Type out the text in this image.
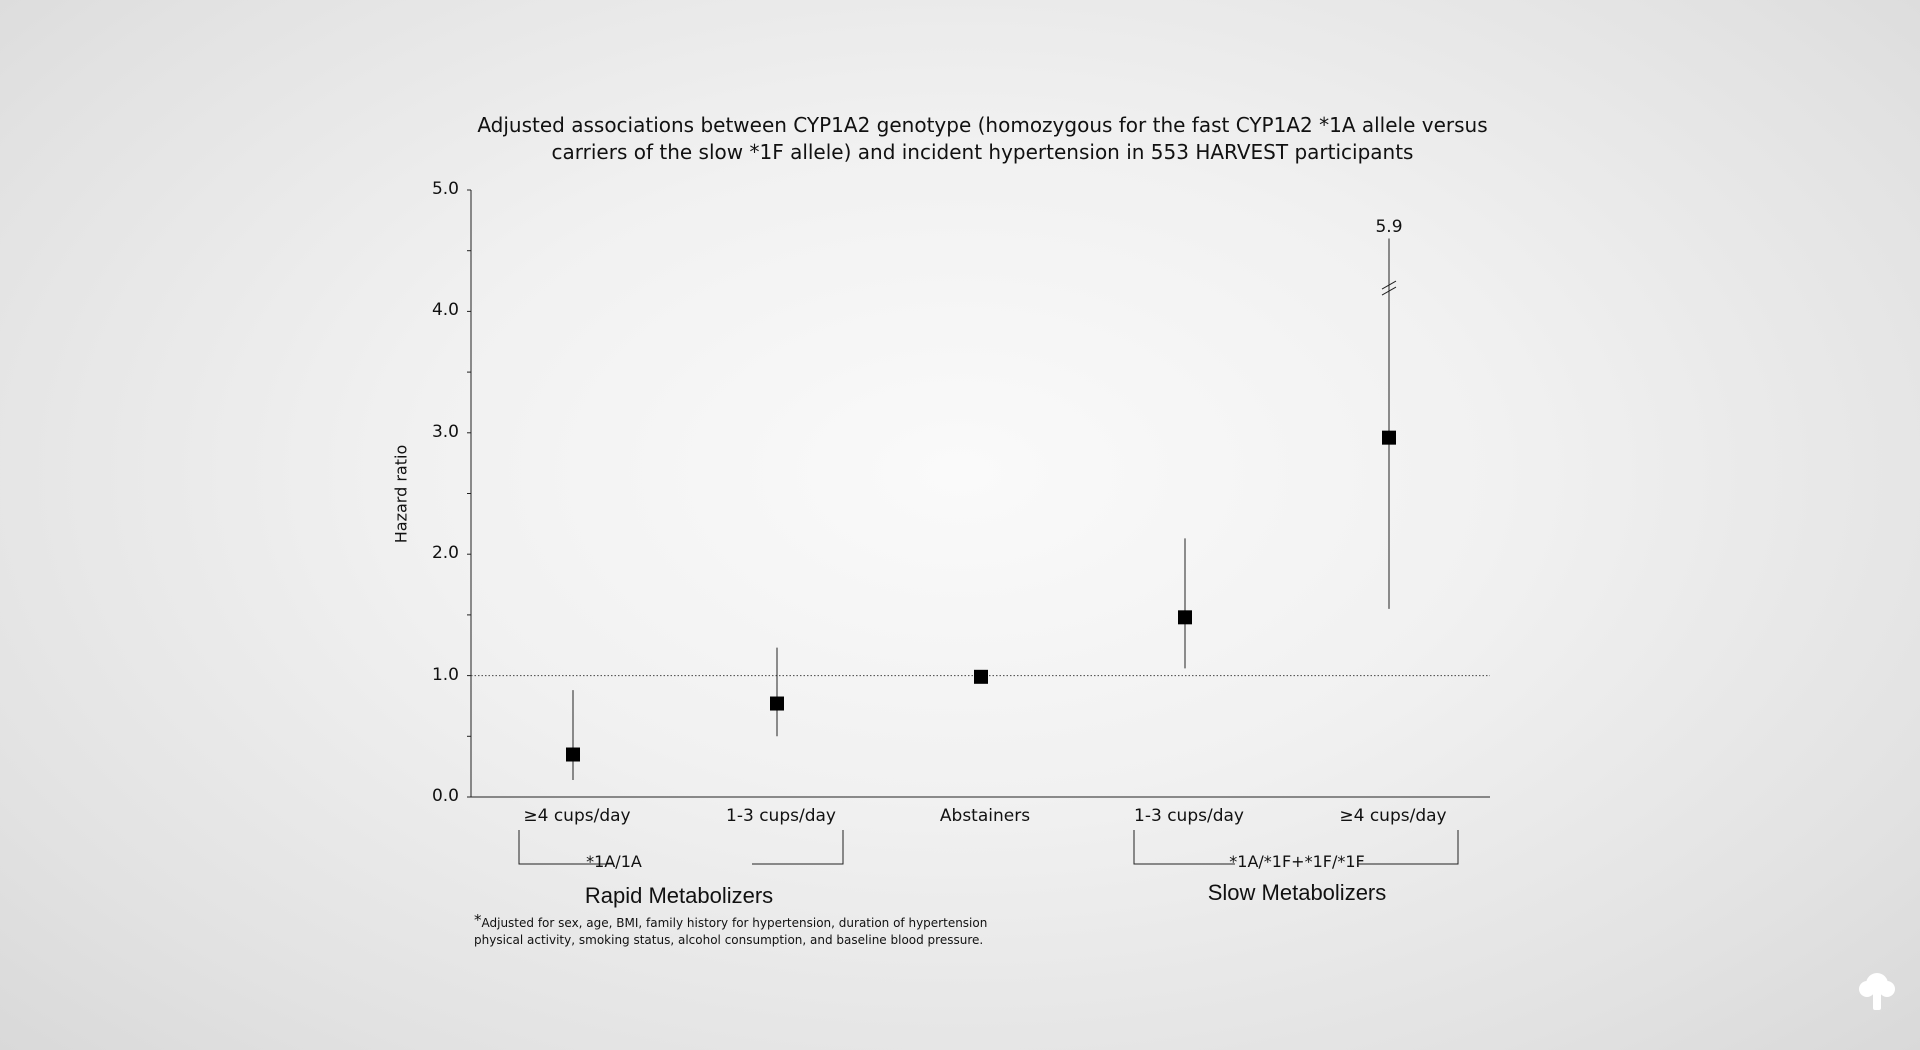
Adjusted associations between CYP1A2 genotype (homozygous for the fast CYP1A2 *1A allele versus
carriers of the slow *1F allele) and incident hypertension in 553 HARVEST participants
Hazard ratio
0.0
1.0
2.0
3.0
4.0
5.0
≥4 cups/day	1-3 cups/day	Abstainers	1-3 cups/day	≥4 cups/day
5.9
*1A/1A
Rapid Metabolizers
*1A/*1F+*1F/*1F
Slow Metabolizers
*Adjusted for sex, age, BMI, family history for hypertension, duration of hypertension
physical activity, smoking status, alcohol consumption, and baseline blood pressure.
